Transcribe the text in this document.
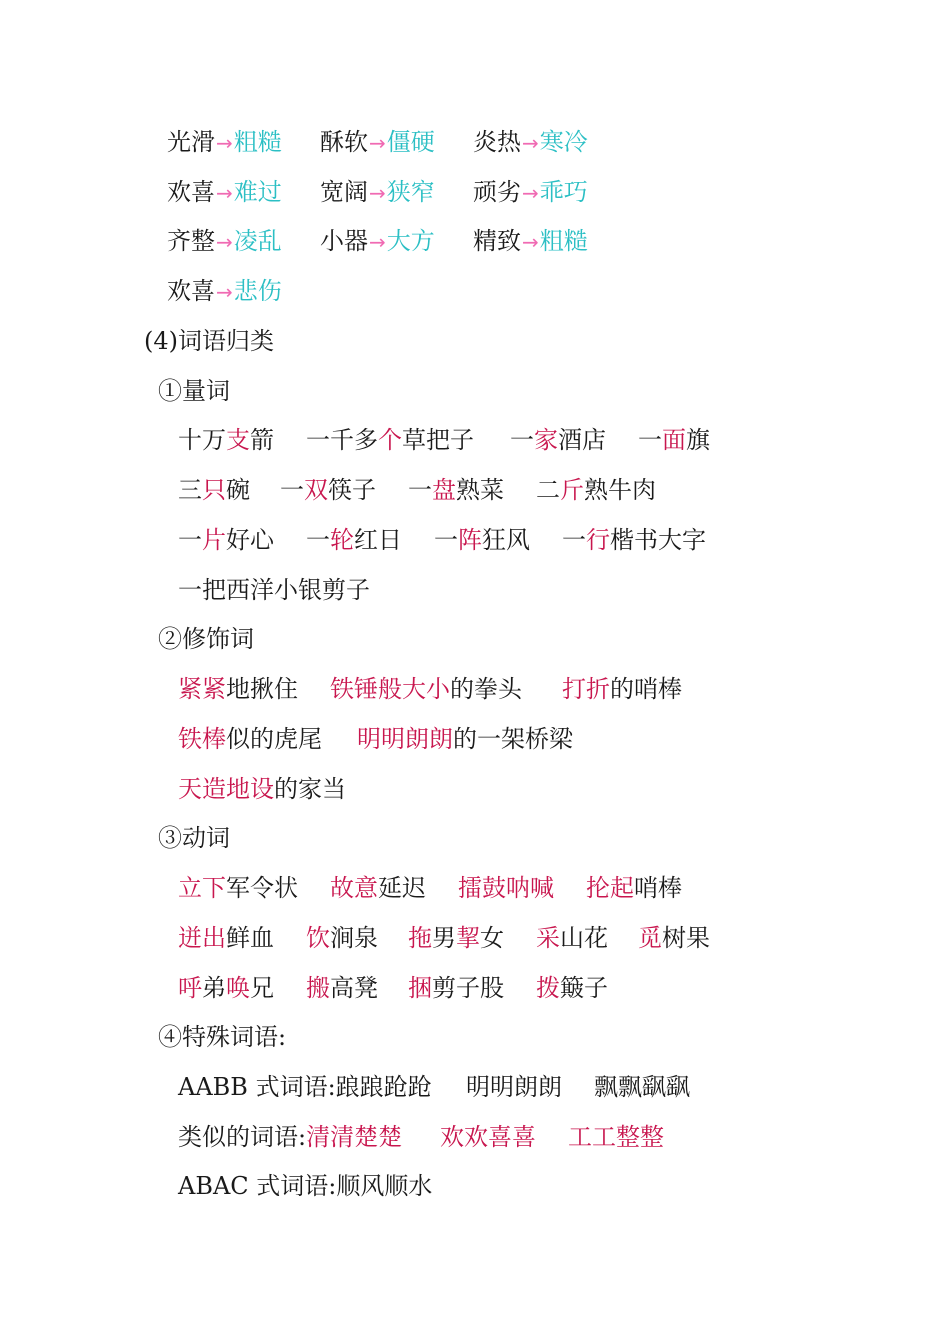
光滑→粗糙 酥软→僵硬 炎热→寒冷
欢喜→难过 宽阔→狭窄 顽劣→乖巧
齐整→凌乱 小器→大方 精致→粗糙
欢喜→悲伤
(4)词语归类
①量词
②修饰词
③动词
④特殊词语:
十万支箭 一千多个草把子 一家酒店 一面旗
三只碗 一双筷子 一盘熟菜 二斤熟牛肉
一片好心 一轮红日 一阵狂风 一行楷书大字
一把西洋小银剪子
紧紧地揪住 铁锤般大小的拳头 打折的哨棒
铁棒似的虎尾 明明朗朗的一架桥梁
天造地设的家当
立下军令状 故意延迟 擂鼓呐喊 抡起哨棒
迸出鲜血 饮涧泉 拖男挈女 采山花 觅树果
呼弟唤兄 搬高凳 捆剪子股 拨簸子
AABB 式词语:踉踉跄跄 明明朗朗 飘飘飖飖
类似的词语:清清楚楚 欢欢喜喜 工工整整
ABAC 式词语:顺风顺水
